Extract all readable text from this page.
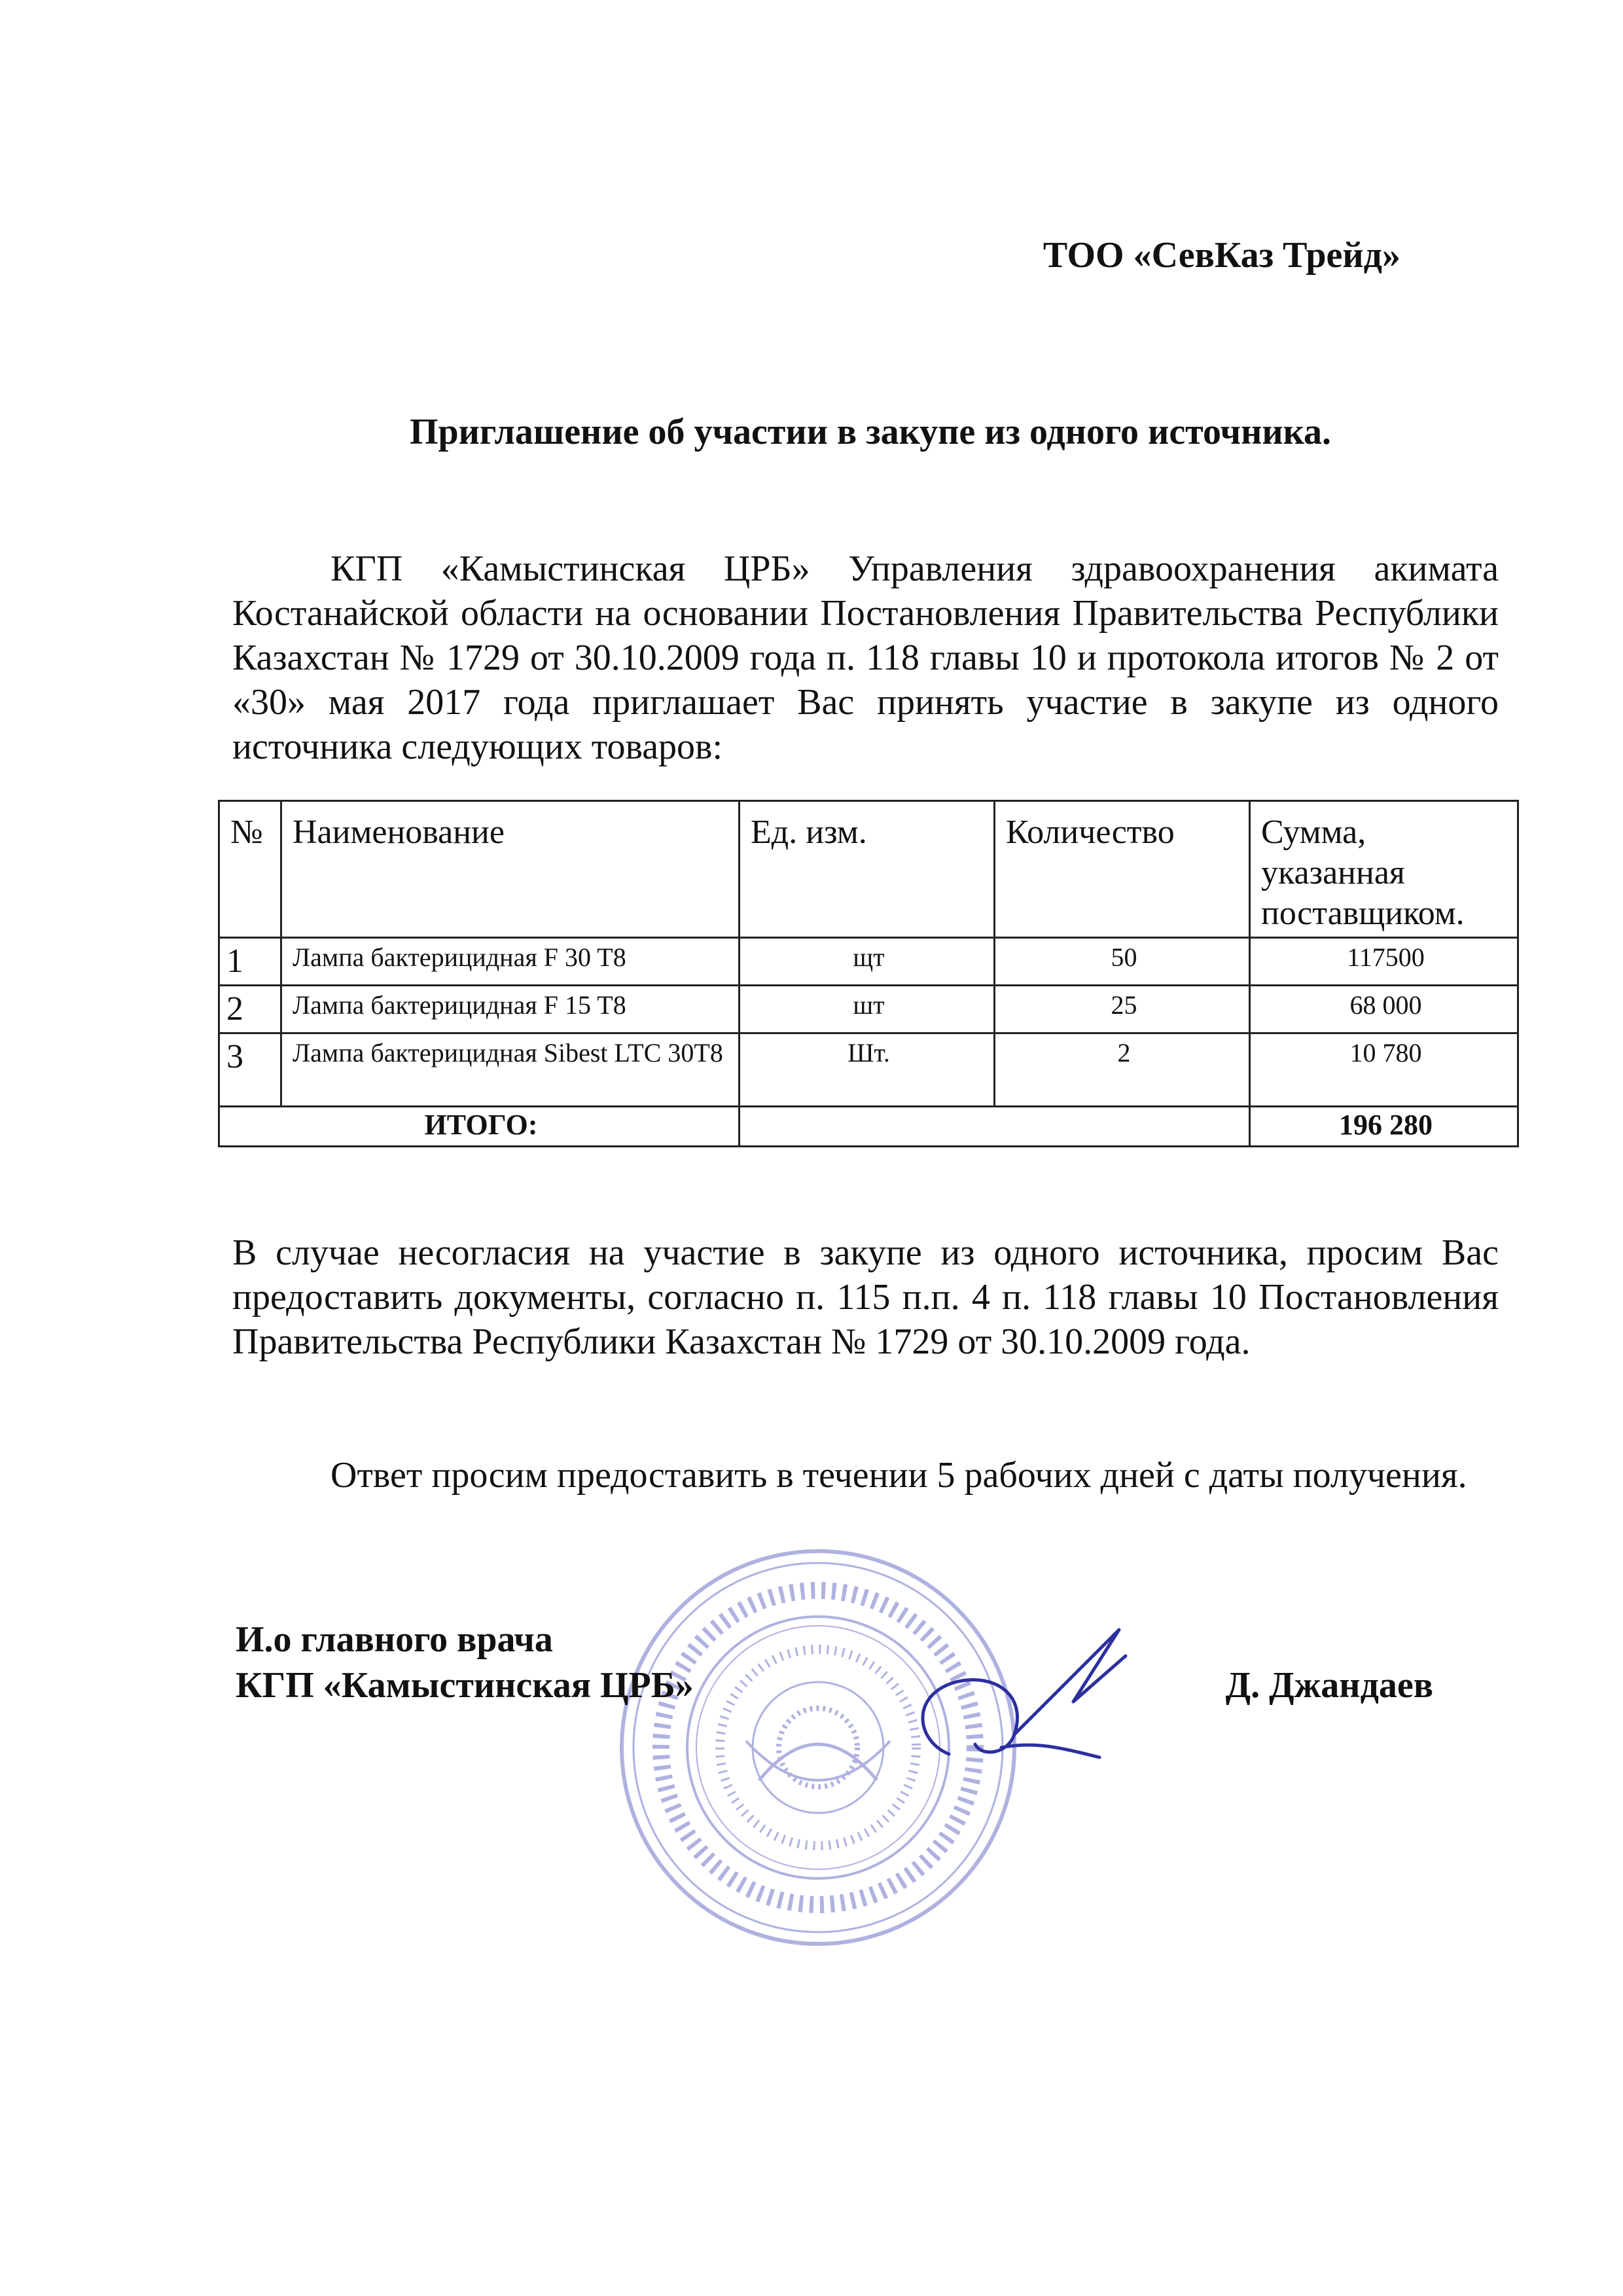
ТОО «СевКаз Трейд»
Приглашение об участии в закупе из одного источника.
КГП «Камыстинская ЦРБ» Управления здравоохранения акимата Костанайской области на основании Постановления Правительства Республики Казахстан № 1729 от 30.10.2009 года п. 118 главы 10 и протокола итогов № 2 от «30» мая 2017 года приглашает Вас принять участие в закупе из одного источника следующих товаров:
№	Наименование	Ед. изм.	Количество	Сумма, указанная поставщиком.
1	Лампа бактерицидная F 30 T8	щт	50	117500
2	Лампа бактерицидная F 15 T8	шт	25	68 000
3	Лампа бактерицидная Sibest LTC 30T8	Шт.	2	10 780
ИТОГО:				196 280
В случае несогласия на участие в закупе из одного источника, просим Вас предоставить документы, согласно п. 115 п.п. 4 п. 118 главы 10 Постановления Правительства Республики Казахстан № 1729 от 30.10.2009 года.
Ответ просим предоставить в течении 5 рабочих дней с даты получения.
И.о главного врача
КГП «Камыстинская ЦРБ»	Д. Джандаев
